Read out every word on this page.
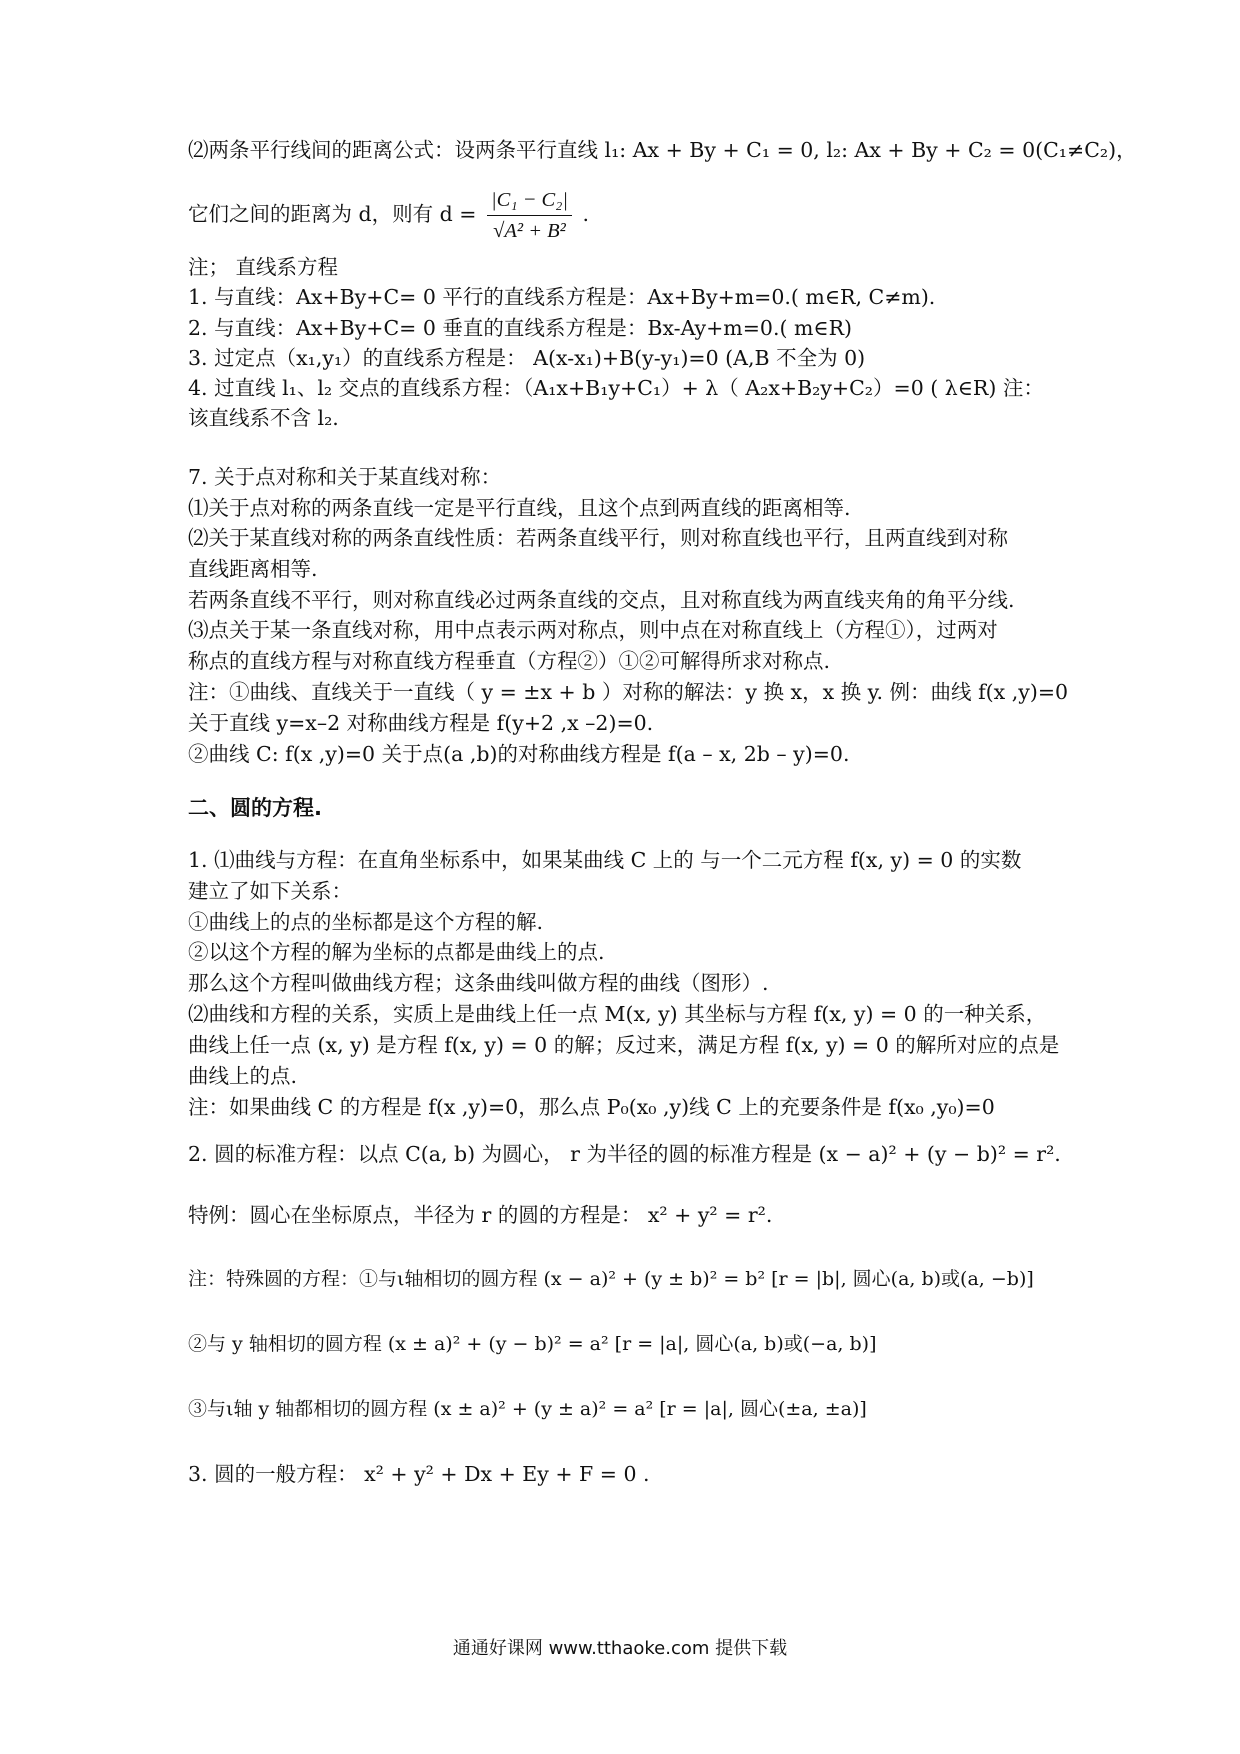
⑵两条平行线间的距离公式：设两条平行直线 l₁: Ax + By + C₁ = 0, l₂: Ax + By + C₂ = 0(C₁≠C₂)，
它们之间的距离为 d，则有 $d = \frac{\text{|C₁ − C₂|}}{\text{√A² + B²}}$ .
注； 直线系方程
1. 与直线：Ax+By+C= 0 平行的直线系方程是：Ax+By+m=0.( m∈R, C≠m).
2. 与直线：Ax+By+C= 0 垂直的直线系方程是：Bx-Ay+m=0.( m∈R)
3. 过定点（x₁,y₁）的直线系方程是： A(x-x₁)+B(y-y₁)=0 (A,B 不全为 0)
4. 过直线 l₁、l₂ 交点的直线系方程：（A₁x+B₁y+C₁）+ λ（ A₂x+B₂y+C₂）=0 ( λ∈R) 注：
该直线系不含 l₂.
7. 关于点对称和关于某直线对称：
⑴关于点对称的两条直线一定是平行直线，且这个点到两直线的距离相等.
⑵关于某直线对称的两条直线性质：若两条直线平行，则对称直线也平行，且两直线到对称
直线距离相等.
若两条直线不平行，则对称直线必过两条直线的交点，且对称直线为两直线夹角的角平分线.
⑶点关于某一条直线对称，用中点表示两对称点，则中点在对称直线上（方程①），过两对
称点的直线方程与对称直线方程垂直（方程②）①②可解得所求对称点.
注：①曲线、直线关于一直线（ y = ±x + b ）对称的解法：y 换 x，x 换 y. 例：曲线 f(x ,y)=0
关于直线 y=x–2 对称曲线方程是 f(y+2 ,x –2)=0.
②曲线 C: f(x ,y)=0 关于点(a ,b)的对称曲线方程是 f(a – x, 2b – y)=0.
二、圆的方程.
1. ⑴曲线与方程：在直角坐标系中，如果某曲线 C 上的 与一个二元方程 f(x, y) = 0 的实数
建立了如下关系：
①曲线上的点的坐标都是这个方程的解.
②以这个方程的解为坐标的点都是曲线上的点.
那么这个方程叫做曲线方程；这条曲线叫做方程的曲线（图形）.
⑵曲线和方程的关系，实质上是曲线上任一点 M(x, y) 其坐标与方程 f(x, y) = 0 的一种关系，
曲线上任一点 (x, y) 是方程 f(x, y) = 0 的解；反过来，满足方程 f(x, y) = 0 的解所对应的点是
曲线上的点.
注：如果曲线 C 的方程是 f(x ,y)=0，那么点 P₀(x₀ ,y)线 C 上的充要条件是 f(x₀ ,y₀)=0
2. 圆的标准方程：以点 C(a, b) 为圆心， r 为半径的圆的标准方程是 (x − a)² + (y − b)² = r².
特例：圆心在坐标原点，半径为 r 的圆的方程是： x² + y² = r².
注：特殊圆的方程：①与ι轴相切的圆方程 (x − a)² + (y ± b)² = b² [r = |b|, 圆心(a, b)或(a, −b)]
②与 y 轴相切的圆方程 (x ± a)² + (y − b)² = a² [r = |a|, 圆心(a, b)或(−a, b)]
③与ι轴 y 轴都相切的圆方程 (x ± a)² + (y ± a)² = a² [r = |a|, 圆心(±a, ±a)]
3. 圆的一般方程： x² + y² + Dx + Ey + F = 0 .
通通好课网 www.tthaoke.com 提供下载
